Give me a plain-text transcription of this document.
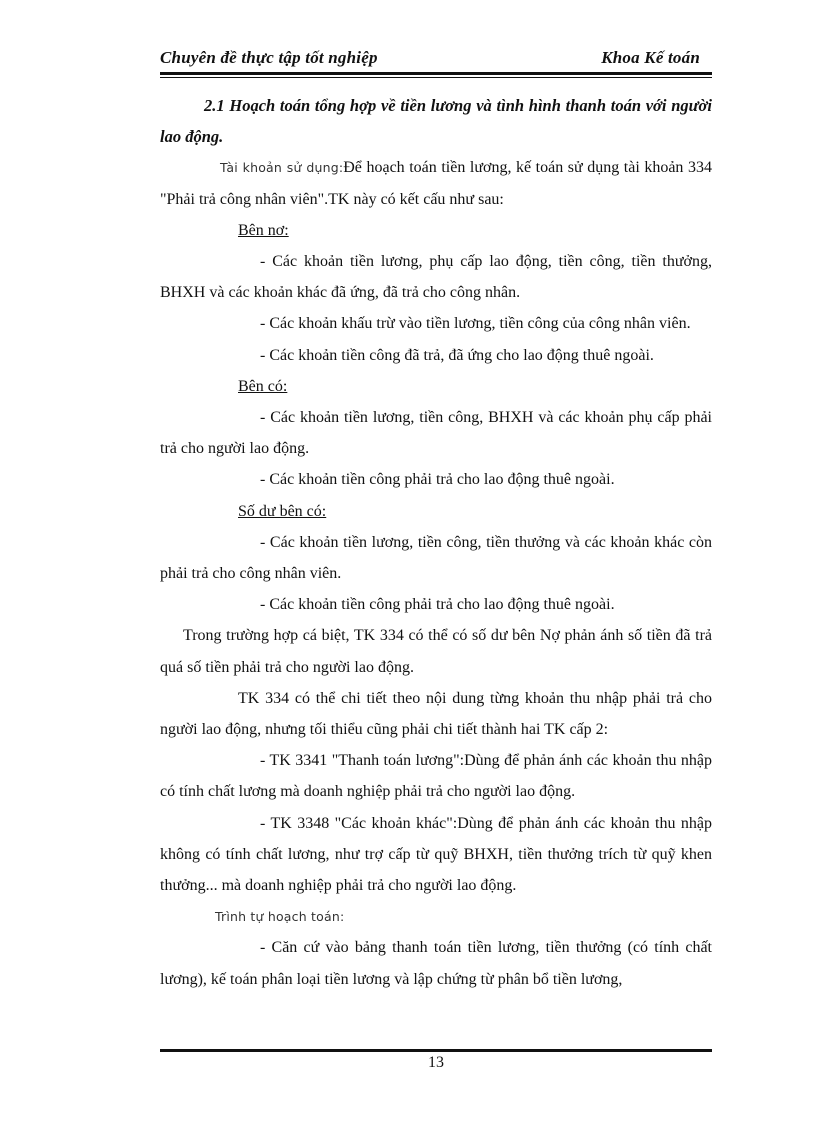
Chuyên đề thực tập tốt nghiệp	Khoa Kế toán

2.1 Hoạch toán tổng hợp về tiền lương và tình hình thanh toán với người lao động.

Tài khoản sử dụng:Để hoạch toán tiền lương, kế toán sử dụng tài khoản 334 "Phải trả công nhân viên".TK này có kết cấu như sau:

Bên nơ:

- Các khoản tiền lương, phụ cấp lao động, tiền công, tiền thưởng, BHXH và các khoản khác đã ứng, đã trả cho công nhân.

- Các khoản khấu trừ vào tiền lương, tiền công của công nhân viên.

- Các khoản tiền công đã trả, đã ứng cho lao động thuê ngoài.

Bên có:

- Các khoản tiền lương, tiền công, BHXH và các khoản phụ cấp phải trả cho người lao động.

- Các khoản tiền công phải trả cho lao động thuê ngoài.

Số dư bên có:

- Các khoản tiền lương, tiền công, tiền thưởng và các khoản khác còn phải trả cho công nhân viên.

- Các khoản tiền công phải trả cho lao động thuê ngoài.

Trong trường hợp cá biệt, TK 334 có thể có số dư bên Nợ phản ánh số tiền đã trả quá số tiền phải trả cho người lao động.

TK 334 có thể chi tiết theo nội dung từng khoản thu nhập phải trả cho người lao động, nhưng tối thiểu cũng phải chi tiết thành hai TK cấp 2:

- TK 3341 "Thanh toán lương":Dùng để phản ánh các khoản thu nhập có tính chất lương mà doanh nghiệp phải trả cho người lao động.

- TK 3348 "Các khoản khác":Dùng để phản ánh các khoản thu nhập không có tính chất lương, như trợ cấp từ quỹ BHXH, tiền thưởng trích từ quỹ khen thưởng... mà doanh nghiệp phải trả cho người lao động.

Trình tự hoạch toán:

- Căn cứ vào bảng thanh toán tiền lương, tiền thưởng (có tính chất lương), kế toán phân loại tiền lương và lập chứng từ phân bổ tiền lương,

13
